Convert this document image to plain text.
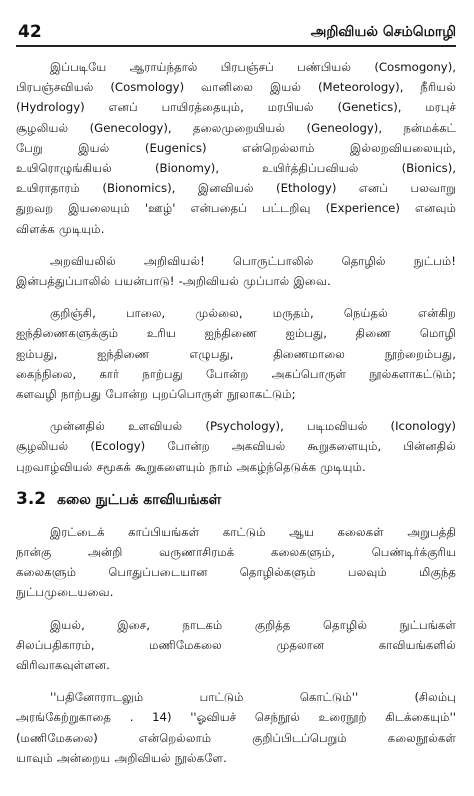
42	அறிவியல் செம்மொழி
இப்படியே ஆராய்ந்தால் பிரபஞ்சப் பண்பியல் (Cosmogony),
பிரபஞ்சவியல் (Cosmology) வானிலை இயல் (Meteorology), நீரியல்
(Hydrology) எனப் பாயிரத்தையும், மரபியல் (Genetics), மரபுச்
சூழலியல் (Genecology), தலைமுறையியல் (Geneology), நன்மக்கட்
பேறு இயல் (Eugenics) என்றெல்லாம் இல்லறவியலையும்,
உயிரொழுங்கியல் (Bionomy), உயிர்த்திப்பவியல் (Bionics),
உயிராதாரம் (Bionomics), இனவியல் (Ethology) எனப் பலவாறு
துறவற இயலையும் 'ஊழ்' என்பதைப் பட்டறிவு (Experience) எனவும்
விளக்க முடியும்.
அறவியலில் அறிவியல்! பொருட்பாலில் தொழில் நுட்பம்!
இன்பத்துப்பாலில் பயன்பாடு! -அறிவியல் முப்பால் இவை.
குறிஞ்சி, பாலை, முல்லை, மருதம், நெய்தல் என்கிற
ஐந்திணைகளுக்கும் உரிய ஐந்திணை ஐம்பது, திணை மொழி
ஐம்பது, ஐந்திணை எழுபது, திணைமாலை நூற்றைம்பது,
கைந்நிலை, கார் நாற்பது போன்ற அகப்பொருள் நூல்களாகட்டும்;
களவழி நாற்பது போன்ற புறப்பொருள் நூலாகட்டும்;
முன்னதில் உளவியல் (Psychology), படிமவியல் (Iconology)
சூழலியல் (Ecology) போன்ற அகவியல் கூறுகளையும், பின்னதில்
புறவாழ்வியல் சமூகக் கூறுகளையும் நாம் அகழ்ந்தெடுக்க முடியும்.
3.2 கலை நுட்பக் காவியங்கள்
இரட்டைக் காப்பியங்கள் காட்டும் ஆய கலைகள் அறுபத்தி
நான்கு அன்றி வருணாசிரமக் கலைகளும், பெண்டிர்க்குரிய
கலைகளும் பொதுப்படையான தொழில்களும் பலவும் மிகுந்த
நுட்பமுடையவை.
இயல், இசை, நாடகம் குறித்த தொழில் நுட்பங்கள்
சிலப்பதிகாரம், மணிமேகலை முதலான காவியங்களில்
விரிவாகவுள்ளன.
''பதினோராடலும் பாட்டும் கொட்டும்'' (சிலம்பு
அரங்கேற்றுகாதை . 14) ''ஓவியச் செந்நூல் உரைநூற் கிடக்கையும்''
(மணிமேகலை) என்றெல்லாம் குறிப்பிடப்பெறும் கலைநூல்கள்
யாவும் அன்றைய அறிவியல் நூல்களே.
